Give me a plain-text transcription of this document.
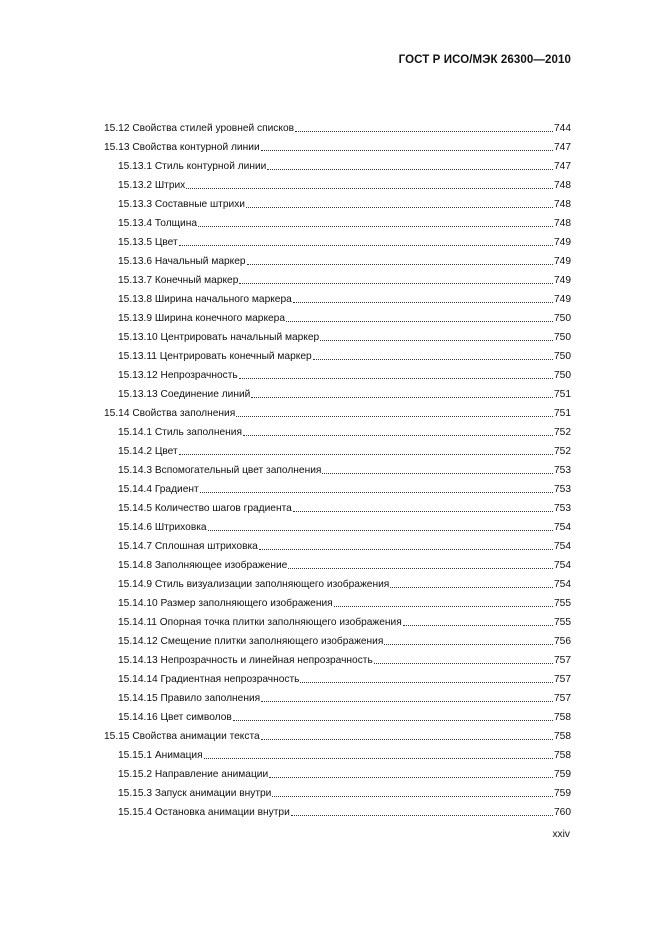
ГОСТ Р ИСО/МЭК 26300—2010
15.12 Свойства стилей уровней списков	744
15.13 Свойства контурной линии	747
15.13.1 Стиль контурной линии	747
15.13.2 Штрих	748
15.13.3 Составные штрихи	748
15.13.4 Толщина	748
15.13.5 Цвет	749
15.13.6 Начальный маркер	749
15.13.7 Конечный маркер	749
15.13.8 Ширина начального маркера	749
15.13.9 Ширина конечного маркера	750
15.13.10 Центрировать начальный маркер	750
15.13.11 Центрировать конечный маркер	750
15.13.12 Непрозрачность	750
15.13.13 Соединение линий	751
15.14 Свойства заполнения	751
15.14.1 Стиль заполнения	752
15.14.2 Цвет	752
15.14.3 Вспомогательный цвет заполнения	753
15.14.4 Градиент	753
15.14.5 Количество шагов градиента	753
15.14.6 Штриховка	754
15.14.7 Сплошная штриховка	754
15.14.8 Заполняющее изображение	754
15.14.9 Стиль визуализации заполняющего изображения	754
15.14.10 Размер заполняющего изображения	755
15.14.11 Опорная точка плитки заполняющего изображения	755
15.14.12 Смещение плитки заполняющего изображения	756
15.14.13 Непрозрачность и линейная непрозрачность	757
15.14.14 Градиентная непрозрачность	757
15.14.15 Правило заполнения	757
15.14.16 Цвет символов	758
15.15 Свойства анимации текста	758
15.15.1 Анимация	758
15.15.2 Направление анимации	759
15.15.3 Запуск анимации внутри	759
15.15.4 Остановка анимации внутри	760
xxiv
